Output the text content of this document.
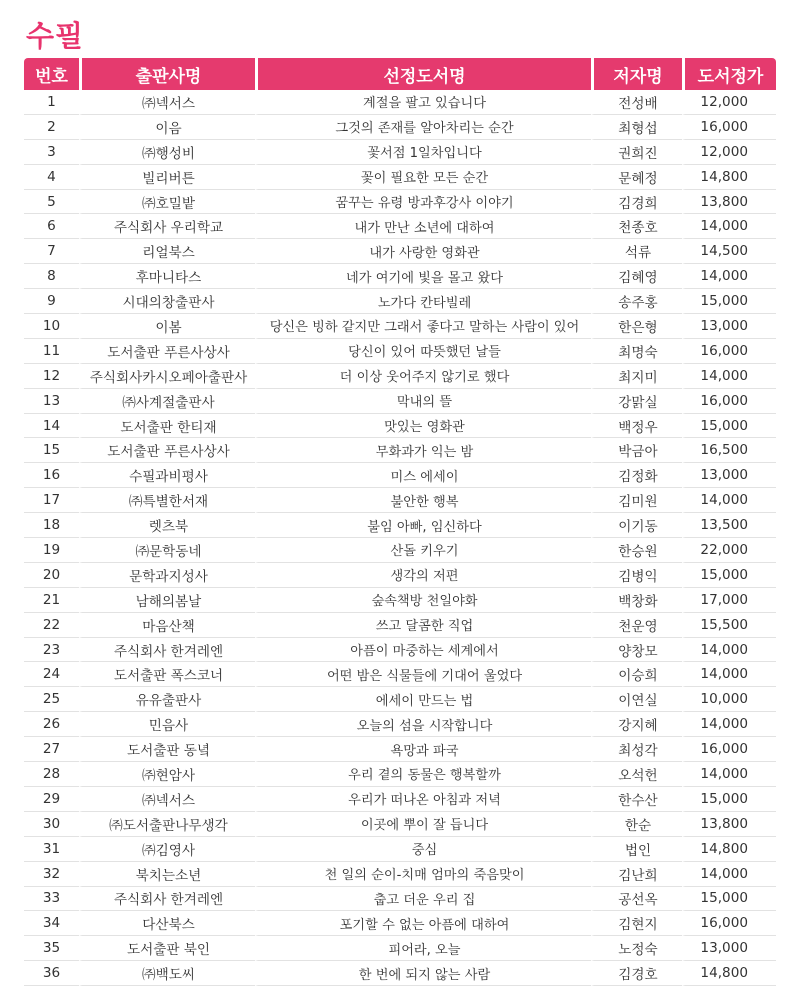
수필
번호	출판사명	선정도서명	저자명	도서정가
1	㈜넥서스	계절을 팔고 있습니다	전성배	12,000
2	이음	그것의 존재를 알아차리는 순간	최형섭	16,000
3	㈜행성비	꽃서점 1일차입니다	권희진	12,000
4	빌리버튼	꽃이 필요한 모든 순간	문혜정	14,800
5	㈜호밀밭	꿈꾸는 유령 방과후강사 이야기	김경희	13,800
6	주식회사 우리학교	내가 만난 소년에 대하여	천종호	14,000
7	리얼북스	내가 사랑한 영화관	석류	14,500
8	후마니타스	네가 여기에 빛을 몰고 왔다	김혜영	14,000
9	시대의창출판사	노가다 칸타빌레	송주홍	15,000
10	이봄	당신은 빙하 같지만 그래서 좋다고 말하는 사람이 있어	한은형	13,000
11	도서출판 푸른사상사	당신이 있어 따뜻했던 날들	최명숙	16,000
12	주식회사카시오페아출판사	더 이상 웃어주지 않기로 했다	최지미	14,000
13	㈜사계절출판사	막내의 뜰	강맑실	16,000
14	도서출판 한티재	맛있는 영화관	백정우	15,000
15	도서출판 푸른사상사	무화과가 익는 밤	박금아	16,500
16	수필과비평사	미스 에세이	김정화	13,000
17	㈜특별한서재	불안한 행복	김미원	14,000
18	렛츠북	불임 아빠, 임신하다	이기동	13,500
19	㈜문학동네	산돌 키우기	한승원	22,000
20	문학과지성사	생각의 저편	김병익	15,000
21	남해의봄날	숲속책방 천일야화	백창화	17,000
22	마음산책	쓰고 달콤한 직업	천운영	15,500
23	주식회사 한겨레엔	아픔이 마중하는 세계에서	양창모	14,000
24	도서출판 폭스코너	어떤 밤은 식물들에 기대어 울었다	이승희	14,000
25	유유출판사	에세이 만드는 법	이연실	10,000
26	민음사	오늘의 섬을 시작합니다	강지혜	14,000
27	도서출판 동녘	욕망과 파국	최성각	16,000
28	㈜현암사	우리 곁의 동물은 행복할까	오석헌	14,000
29	㈜넥서스	우리가 떠나온 아침과 저녁	한수산	15,000
30	㈜도서출판나무생각	이곳에 뿌이 잘 듭니다	한순	13,800
31	㈜김영사	중심	법인	14,800
32	북치는소년	천 일의 순이-치매 엄마의 죽음맞이	김난희	14,000
33	주식회사 한겨레엔	춥고 더운 우리 집	공선옥	15,000
34	다산북스	포기할 수 없는 아픔에 대하여	김현지	16,000
35	도서출판 북인	피어라, 오늘	노정숙	13,000
36	㈜백도씨	한 번에 되지 않는 사람	김경호	14,800
